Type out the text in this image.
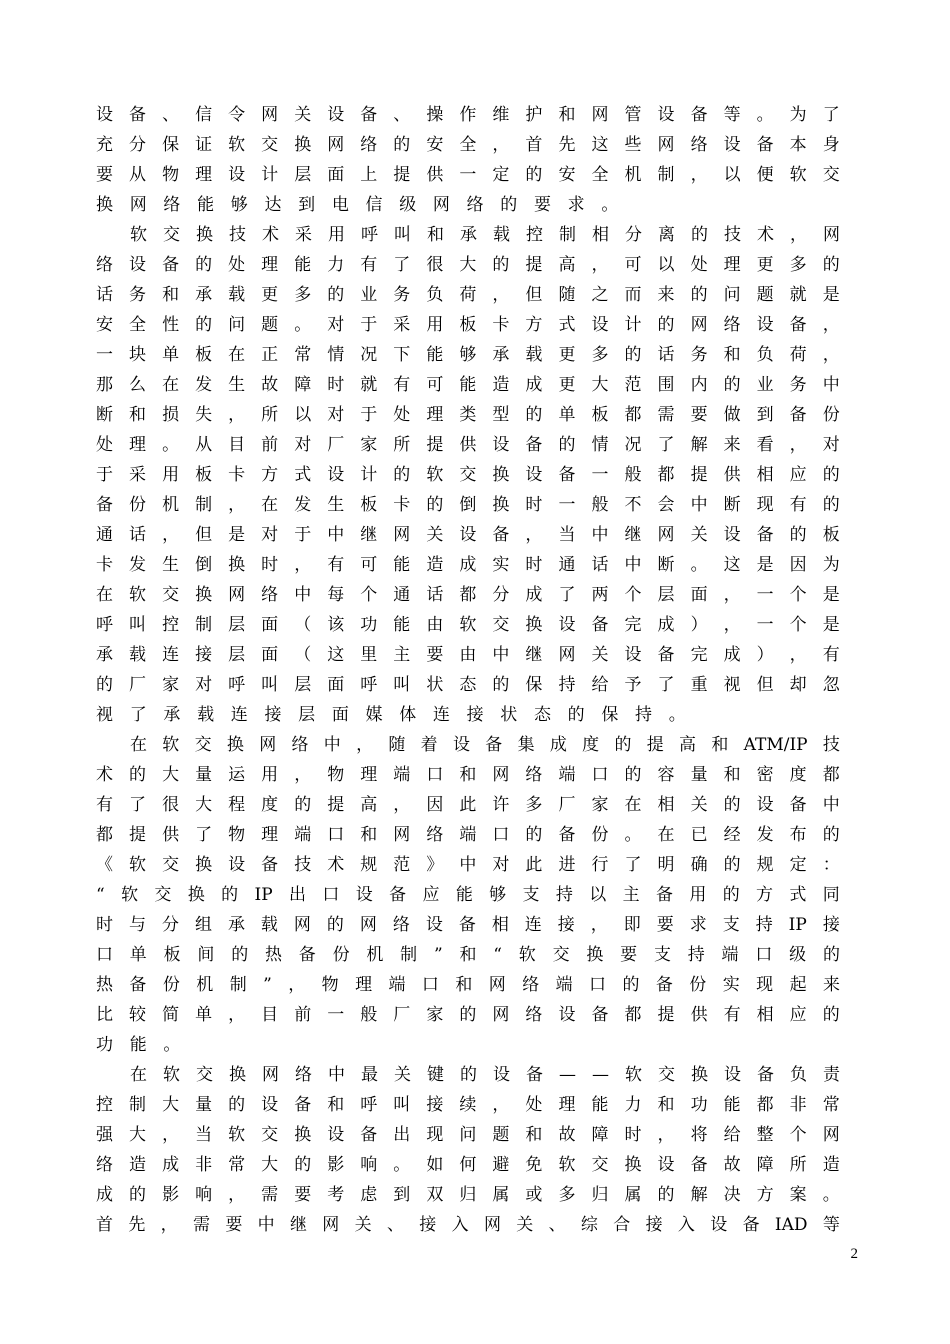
设 备 、 信 令 网 关 设 备 、 操 作 维 护 和 网 管 设 备 等 。 为 了
充 分 保 证 软 交 换 网 络 的 安 全 ， 首 先 这 些 网 络 设 备 本 身
要 从 物 理 设 计 层 面 上 提 供 一 定 的 安 全 机 制 ， 以 便 软 交
换 网 络 能 够 达 到 电 信 级 网 络 的 要 求 。
软 交 换 技 术 采 用 呼 叫 和 承 载 控 制 相 分 离 的 技 术 ， 网
络 设 备 的 处 理 能 力 有 了 很 大 的 提 高 ， 可 以 处 理 更 多 的
话 务 和 承 载 更 多 的 业 务 负 荷 ， 但 随 之 而 来 的 问 题 就 是
安 全 性 的 问 题 。 对 于 采 用 板 卡 方 式 设 计 的 网 络 设 备 ，
一 块 单 板 在 正 常 情 况 下 能 够 承 载 更 多 的 话 务 和 负 荷 ，
那 么 在 发 生 故 障 时 就 有 可 能 造 成 更 大 范 围 内 的 业 务 中
断 和 损 失 ， 所 以 对 于 处 理 类 型 的 单 板 都 需 要 做 到 备 份
处 理 。 从 目 前 对 厂 家 所 提 供 设 备 的 情 况 了 解 来 看 ， 对
于 采 用 板 卡 方 式 设 计 的 软 交 换 设 备 一 般 都 提 供 相 应 的
备 份 机 制 ， 在 发 生 板 卡 的 倒 换 时 一 般 不 会 中 断 现 有 的
通 话 ， 但 是 对 于 中 继 网 关 设 备 ， 当 中 继 网 关 设 备 的 板
卡 发 生 倒 换 时 ， 有 可 能 造 成 实 时 通 话 中 断 。 这 是 因 为
在 软 交 换 网 络 中 每 个 通 话 都 分 成 了 两 个 层 面 ， 一 个 是
呼 叫 控 制 层 面 （ 该 功 能 由 软 交 换 设 备 完 成 ） ， 一 个 是
承 载 连 接 层 面 （ 这 里 主 要 由 中 继 网 关 设 备 完 成 ） ， 有
的 厂 家 对 呼 叫 层 面 呼 叫 状 态 的 保 持 给 予 了 重 视 但 却 忽
视 了 承 载 连 接 层 面 媒 体 连 接 状 态 的 保 持 。
在 软 交 换 网 络 中 ， 随 着 设 备 集 成 度 的 提 高 和 ATM/IP 技
术 的 大 量 运 用 ， 物 理 端 口 和 网 络 端 口 的 容 量 和 密 度 都
有 了 很 大 程 度 的 提 高 ， 因 此 许 多 厂 家 在 相 关 的 设 备 中
都 提 供 了 物 理 端 口 和 网 络 端 口 的 备 份 。 在 已 经 发 布 的
《 软 交 换 设 备 技 术 规 范 》 中 对 此 进 行 了 明 确 的 规 定 ：
“ 软 交 换 的 IP 出 口 设 备 应 能 够 支 持 以 主 备 用 的 方 式 同
时 与 分 组 承 载 网 的 网 络 设 备 相 连 接 ， 即 要 求 支 持 IP 接
口 单 板 间 的 热 备 份 机 制 ” 和 “ 软 交 换 要 支 持 端 口 级 的
热 备 份 机 制 ” ， 物 理 端 口 和 网 络 端 口 的 备 份 实 现 起 来
比 较 简 单 ， 目 前 一 般 厂 家 的 网 络 设 备 都 提 供 有 相 应 的
功 能 。
在 软 交 换 网 络 中 最 关 键 的 设 备 — — 软 交 换 设 备 负 责
控 制 大 量 的 设 备 和 呼 叫 接 续 ， 处 理 能 力 和 功 能 都 非 常
强 大 ， 当 软 交 换 设 备 出 现 问 题 和 故 障 时 ， 将 给 整 个 网
络 造 成 非 常 大 的 影 响 。 如 何 避 免 软 交 换 设 备 故 障 所 造
成 的 影 响 ， 需 要 考 虑 到 双 归 属 或 多 归 属 的 解 决 方 案 。
首 先 ， 需 要 中 继 网 关 、 接 入 网 关 、 综 合 接 入 设 备 IAD 等
2
